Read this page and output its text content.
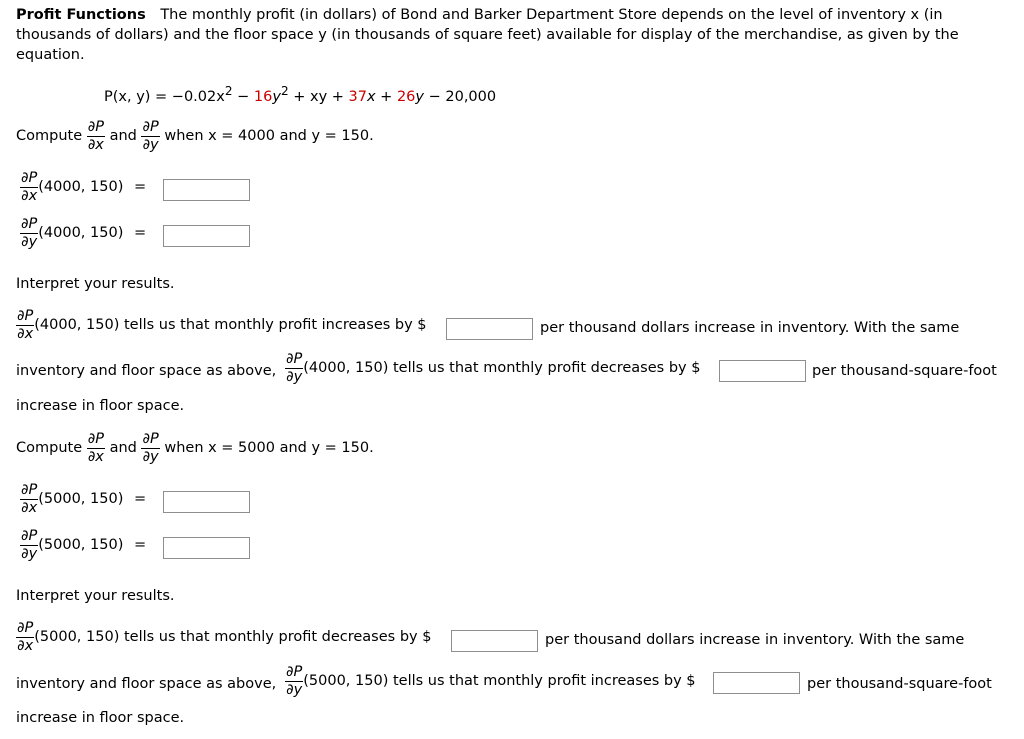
Profit Functions The monthly profit (in dollars) of Bond and Barker Department Store depends on the level of inventory x (in
thousands of dollars) and the floor space y (in thousands of square feet) available for display of the merchandise, as given by the
equation.
P(x, $y) = -0.02x^2 - 16y^2$ + xy + 37x + 26y − 20,000
Compute $\frac{\partial P}{\partial x}$ and $\frac{\partial P}{\partial y}$ when x = 4000 and y = 150.
$\frac{\partial P}{\partial x} (4000$, 150) =
$\frac{\partial P}{\partial y} (4000$, 150) =
Interpret your results.
$\frac{\partial P}{\partial x} (4000$, 150) tells us that monthly profit increases by $	per thousand dollars increase in inventory. With the same
inventory and floor space as above, $\frac{\partial P}{\partial y} (4000$, 150) tells us that monthly profit decreases by $	per thousand-square-foot
increase in floor space.
Compute $\frac{\partial P}{\partial x}$ and $\frac{\partial P}{\partial y}$ when x = 5000 and y = 150.
$\frac{\partial P}{\partial x} (5000$, 150) =
$\frac{\partial P}{\partial y} (5000$, 150) =
Interpret your results.
$\frac{\partial P}{\partial x} (5000$, 150) tells us that monthly profit decreases by $	per thousand dollars increase in inventory. With the same
inventory and floor space as above, $\frac{\partial P}{\partial y} (5000$, 150) tells us that monthly profit increases by $	per thousand-square-foot
increase in floor space.
